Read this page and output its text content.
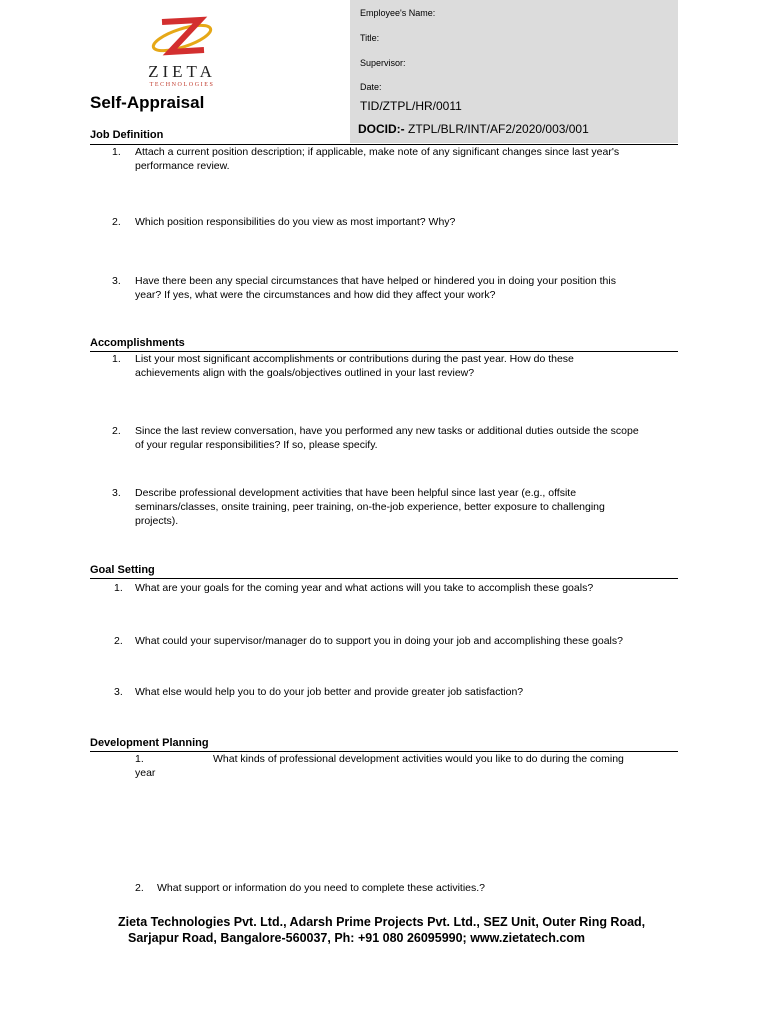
Employee's Name:
Title:
Supervisor:
Date:
TID/ZTPL/HR/0011
DOCID:- ZTPL/BLR/INT/AF2/2020/003/001
ZIETA
TECHNOLOGIES
Self-Appraisal
Job Definition
1. Attach a current position description; if applicable, make note of any significant changes since last year's
performance review.
2. Which position responsibilities do you view as most important? Why?
3. Have there been any special circumstances that have helped or hindered you in doing your position this
year? If yes, what were the circumstances and how did they affect your work?
Accomplishments
1. List your most significant accomplishments or contributions during the past year. How do these
achievements align with the goals/objectives outlined in your last review?
2. Since the last review conversation, have you performed any new tasks or additional duties outside the scope
of your regular responsibilities? If so, please specify.
3. Describe professional development activities that have been helpful since last year (e.g., offsite
seminars/classes, onsite training, peer training, on-the-job experience, better exposure to challenging
projects).
Goal Setting
1. What are your goals for the coming year and what actions will you take to accomplish these goals?
2. What could your supervisor/manager do to support you in doing your job and accomplishing these goals?
3. What else would help you to do your job better and provide greater job satisfaction?
Development Planning
1.	What kinds of professional development activities would you like to do during the coming
year
2. What support or information do you need to complete these activities.?
Zieta Technologies Pvt. Ltd., Adarsh Prime Projects Pvt. Ltd., SEZ Unit, Outer Ring Road,
Sarjapur Road, Bangalore-560037, Ph: +91 080 26095990; www.zietatech.com
